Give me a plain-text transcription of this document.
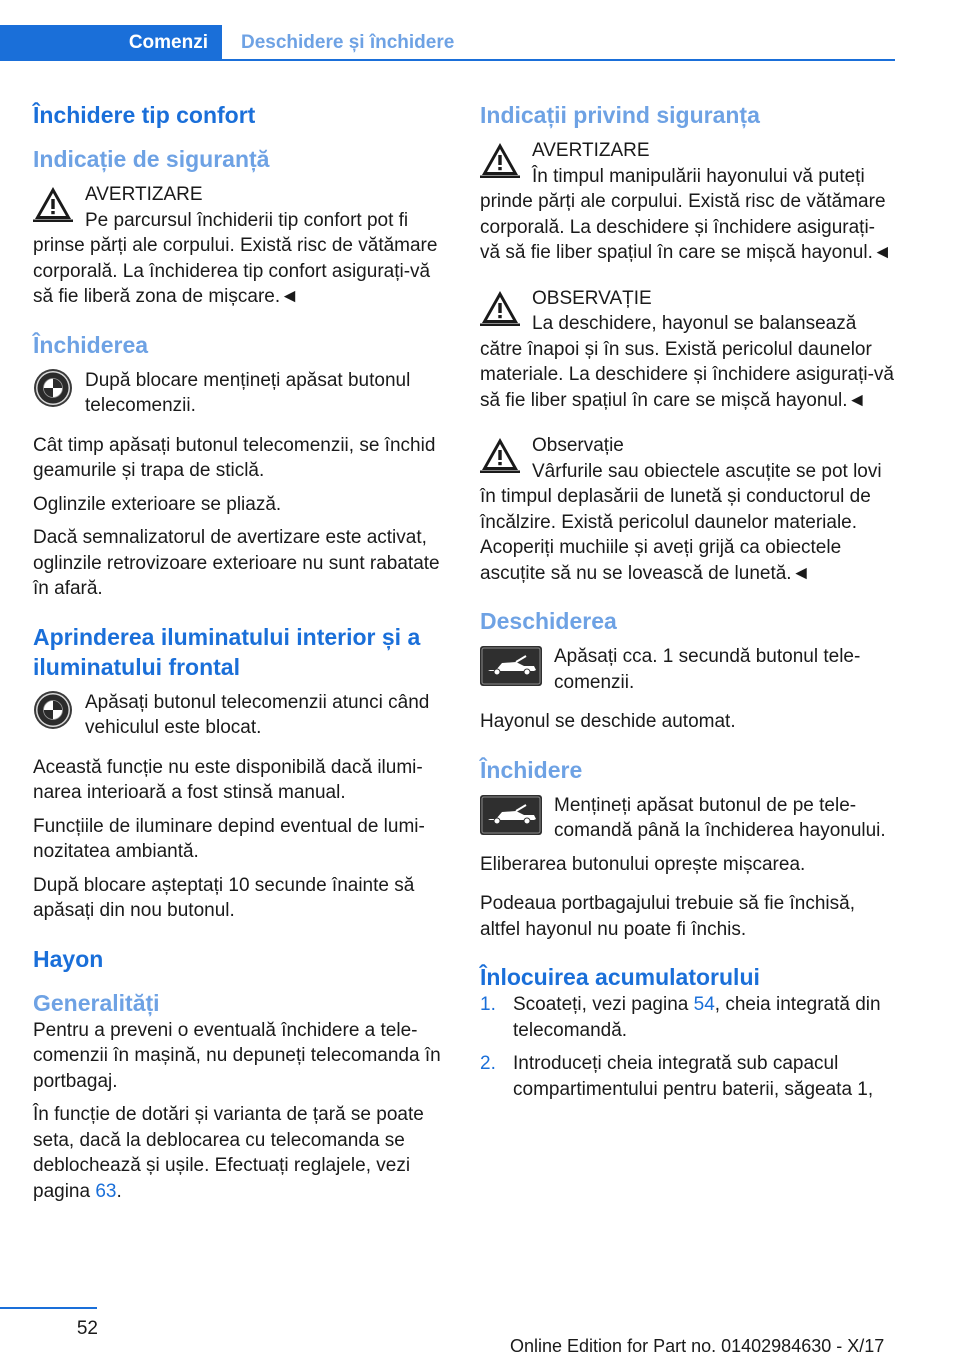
Comenzi	Deschidere și închidere
Închidere tip confort
Indicație de siguranță

AVERTIZARE

Pe parcursul închiderii tip confort pot fi prinse părți ale corpului. Există risc de vătămare corporală. La închiderea tip confort asigurați-vă să fie liberă zona de mișcare.◄

Închiderea

După blocare mențineți apăsat butonul telecomenzii.

Cât timp apăsați butonul telecomenzii, se închid geamurile și trapa de sticlă.

Oglinzile exterioare se pliază.

Dacă semnalizatorul de avertizare este activat, oglinzile retrovizoare exterioare nu sunt rabatate în afară.

Aprinderea iluminatului interior și a iluminatului frontal

Apăsați butonul telecomenzii atunci când vehiculul este blocat.

Această funcție nu este disponibilă dacă iluminarea interioară a fost stinsă manual.

Funcțiile de iluminare depind eventual de luminozitatea ambiantă.

După blocare așteptați 10 secunde înainte să apăsați din nou butonul.

Hayon
Generalități

Pentru a preveni o eventuală închidere a telecomenzii în mașină, nu depuneți telecomanda în portbagaj.

În funcție de dotări și varianta de țară se poate seta, dacă la deblocarea cu telecomanda se deblochează și ușile. Efectuați reglajele, vezi pagina 63.

Indicații privind siguranța

AVERTIZARE

În timpul manipulării hayonului vă puteți prinde părți ale corpului. Există risc de vătămare corporală. La deschidere și închidere asigurați-vă să fie liber spațiul în care se mișcă hayonul.◄

OBSERVAȚIE

La deschidere, hayonul se balansează către înapoi și în sus. Există pericolul daunelor materiale. La deschidere și închidere asigurați-vă să fie liber spațiul în care se mișcă hayonul.◄

Observație

Vârfurile sau obiectele ascuțite se pot lovi în timpul deplasării de lunetă și conductorul de încălzire. Există pericolul daunelor materiale. Acoperiți muchiile și aveți grijă ca obiectele ascuțite să nu se lovească de lunetă.◄

Deschiderea

Apăsați cca. 1 secundă butonul telecomenzii.

Hayonul se deschide automat.

Închidere

Mențineți apăsat butonul de pe telecomandă până la închiderea hayonului.

Eliberarea butonului oprește mișcarea.

Podeaua portbagajului trebuie să fie închisă, altfel hayonul nu poate fi închis.

Înlocuirea acumulatorului
1. Scoateți, vezi pagina 54, cheia integrată din telecomandă.
2. Introduceți cheia integrată sub capacul compartimentului pentru baterii, săgeata 1,
52
Online Edition for Part no. 01402984630 - X/17
